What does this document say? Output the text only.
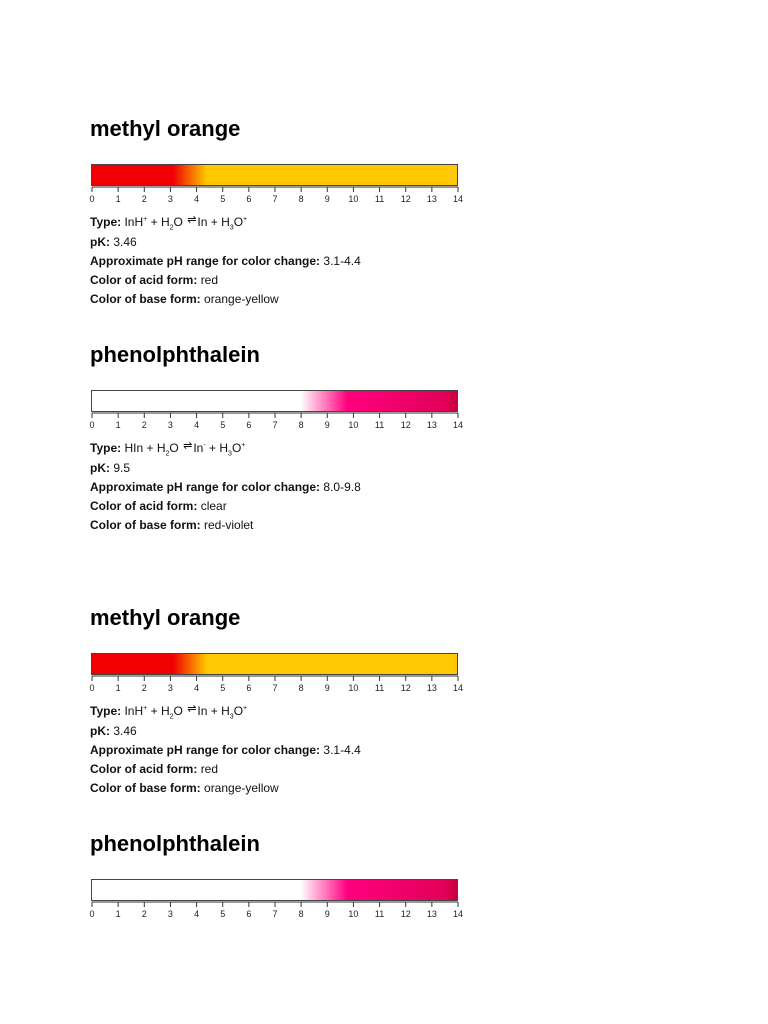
methyl orange
0 1 2 3 4 5 6 7 8 9 10 11 12 13 14
Type: $InH^+ + H_2O$ ⇌In + $H_3O^+$
pK: 3.46
Approximate pH range for color change: 3.1-4.4
Color of acid form: red
Color of base form: orange-yellow
phenolphthalein
0 1 2 3 4 5 6 7 8 9 10 11 12 13 14
Type: HIn + $H_2O$ ⇌In- + $H_3O^+$
pK: 9.5
Approximate pH range for color change: 8.0-9.8
Color of acid form: clear
Color of base form: red-violet
methyl orange
0 1 2 3 4 5 6 7 8 9 10 11 12 13 14
Type: $InH^+ + H_2O$ ⇌In + $H_3O^+$
pK: 3.46
Approximate pH range for color change: 3.1-4.4
Color of acid form: red
Color of base form: orange-yellow
phenolphthalein
0 1 2 3 4 5 6 7 8 9 10 11 12 13 14
